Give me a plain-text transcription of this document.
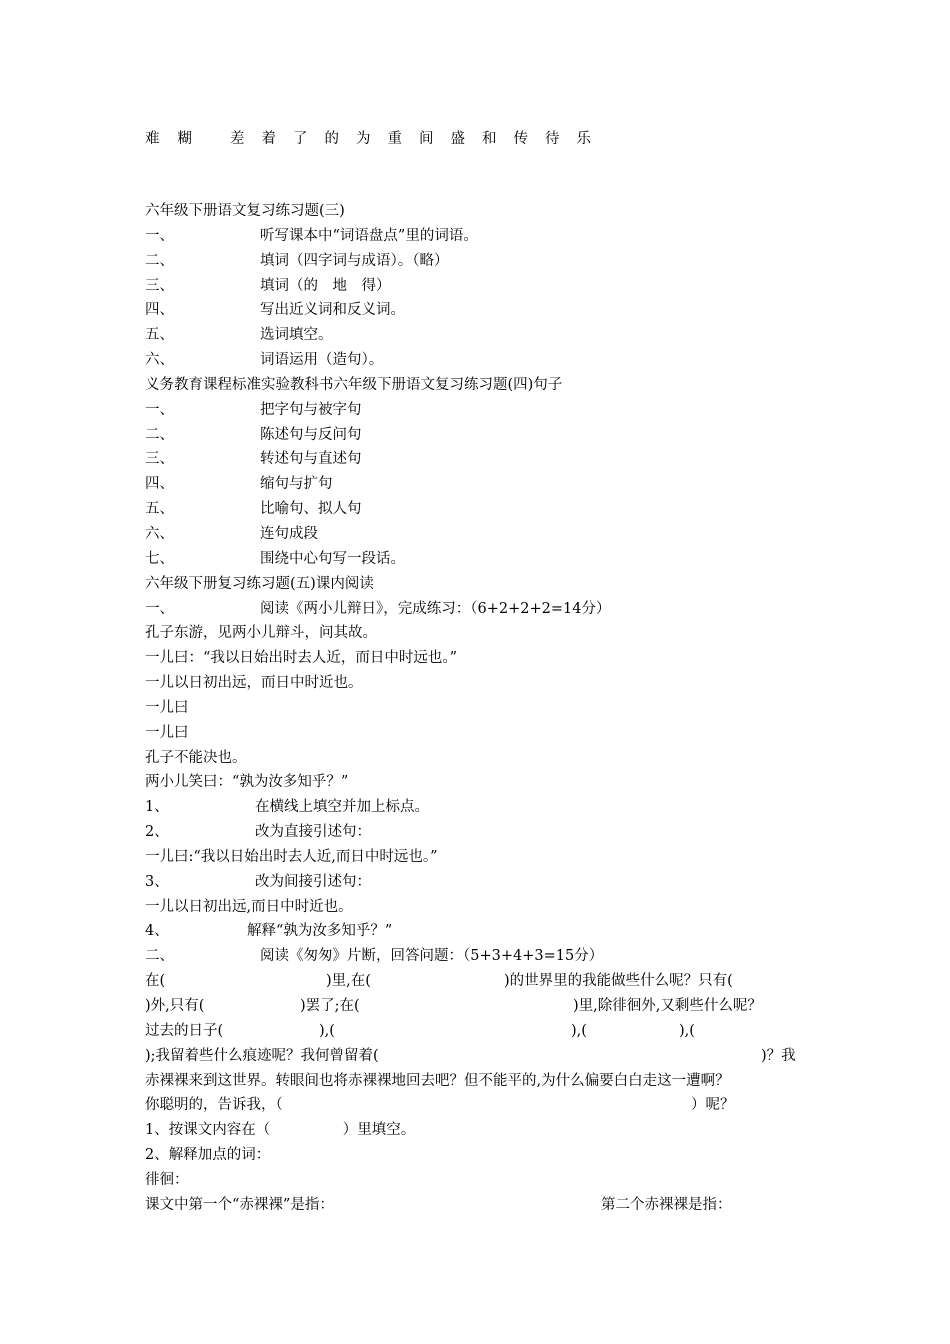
难 糊	差 着 了 的 为 重 间 盛 和 传 待 乐
六年级下册语文复习练习题(三)
一、	听写课本中“词语盘点”里的词语。
二、	填词（四字词与成语）。（略）
三、	填词（的　地　得）
四、	写出近义词和反义词。
五、	选词填空。
六、	词语运用（造句）。
义务教育课程标准实验教科书六年级下册语文复习练习题(四)句子
一、	把字句与被字句
二、	陈述句与反问句
三、	转述句与直述句
四、	缩句与扩句
五、	比喻句、拟人句
六、	连句成段
七、	围绕中心句写一段话。
六年级下册复习练习题(五)课内阅读
一、	阅读《两小儿辩日》，完成练习：（6+2+2+2=14分）
孔子东游，见两小儿辩斗，问其故。
一儿曰：“我以日始出时去人近，而日中时远也。”
一儿以日初出远，而日中时近也。
一儿曰
一儿曰
孔子不能决也。
两小儿笑曰：“孰为汝多知乎？”
1、	在横线上填空并加上标点。
2、	改为直接引述句：
一儿曰:“我以日始出时去人近,而日中时远也。”
3、	改为间接引述句：
一儿以日初出远,而日中时近也。
4、	解释“孰为汝多知乎？”
二、	阅读《匆匆》片断，回答问题：（5+3+4+3=15分）
在(	)里,在(	)的世界里的我能做些什么呢？只有(
)外,只有(	)罢了;在(	)里,除徘徊外,又剩些什么呢？
过去的日子(	),(	),(	),(
);我留着些什么痕迹呢？我何曾留着(	)？我
赤裸裸来到这世界。转眼间也将赤裸裸地回去吧？但不能平的,为什么偏要白白走这一遭啊？
你聪明的，告诉我，（	）呢？
1、按课文内容在（　　　　　）里填空。
2、解释加点的词：
徘徊：
课文中第一个“赤裸裸”是指：	第二个赤裸裸是指：
